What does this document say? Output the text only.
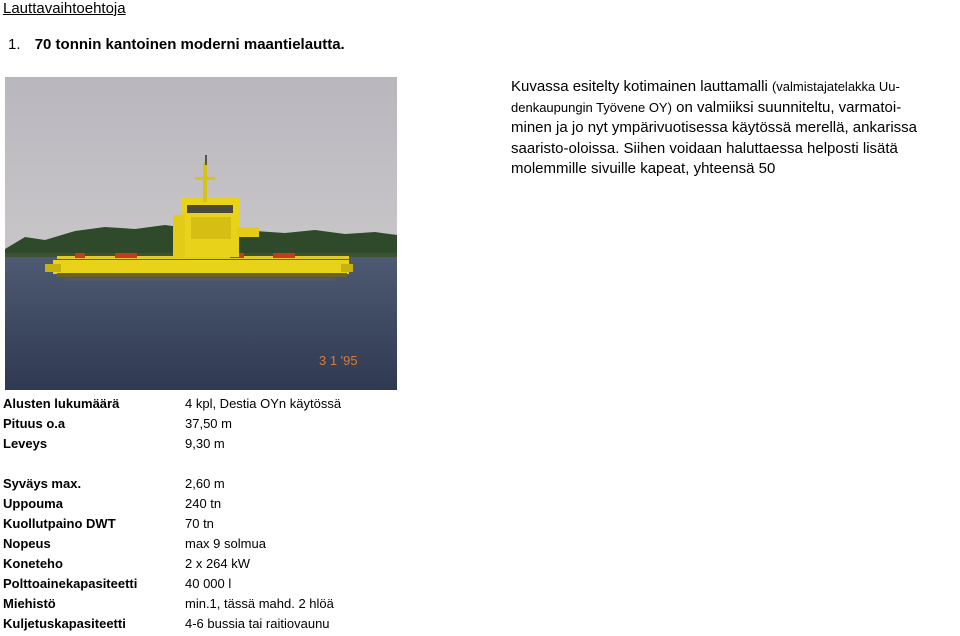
Lauttavaihtoehtoja
1. 70 tonnin kantoinen moderni maantielautta.
3 1 '95
Kuvassa esitelty kotimainen lauttamalli (valmistajatelakka Uu-
denkaupungin Työvene OY) on valmiiksi suunniteltu, varmatoi-
minen ja jo nyt ympärivuotisessa käytössä merellä, ankarissa
saaristo-oloissa. Siihen voidaan haluttaessa helposti lisätä
molemmille sivuille kapeat, yhteensä 50
Alusten lukumäärä	4 kpl, Destia OYn käytössä
Pituus o.a	37,50 m
Leveys	9,30 m
Syväys max.	2,60 m
Uppouma	240 tn
Kuollutpaino DWT	70 tn
Nopeus	max 9 solmua
Koneteho	2 x 264 kW
Polttoainekapasiteetti	40 000 l
Miehistö	min.1, tässä mahd. 2 hlöä
Kuljetuskapasiteetti	4-6 bussia tai raitiovaunu
